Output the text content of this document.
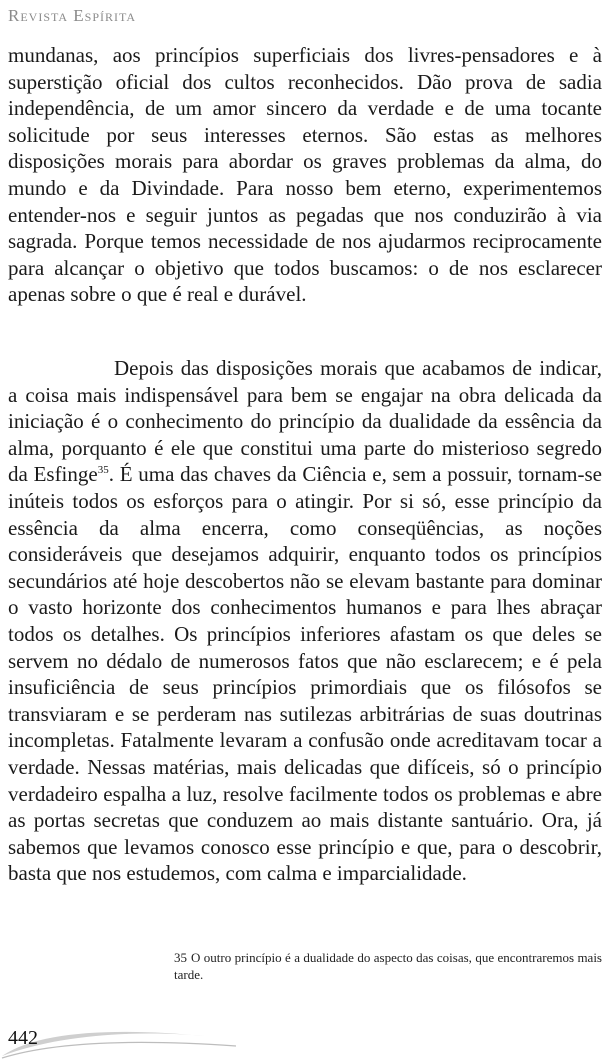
Revista Espírita
mundanas, aos princípios superficiais dos livres-pensadores e à superstição oficial dos cultos reconhecidos. Dão prova de sadia independência, de um amor sincero da verdade e de uma tocante solicitude por seus interesses eternos. São estas as melhores disposições morais para abordar os graves problemas da alma, do mundo e da Divindade. Para nosso bem eterno, experimentemos entender-nos e seguir juntos as pegadas que nos conduzirão à via sagrada. Porque temos necessidade de nos ajudarmos reciprocamente para alcançar o objetivo que todos buscamos: o de nos esclarecer apenas sobre o que é real e durável.
Depois das disposições morais que acabamos de indicar, a coisa mais indispensável para bem se engajar na obra delicada da iniciação é o conhecimento do princípio da dualidade da essência da alma, porquanto é ele que constitui uma parte do misterioso segredo da Esfinge$^{35}$. É uma das chaves da Ciência e, sem a possuir, tornam-se inúteis todos os esforços para o atingir. Por si só, esse princípio da essência da alma encerra, como conseqüências, as noções consideráveis que desejamos adquirir, enquanto todos os princípios secundários até hoje descobertos não se elevam bastante para dominar o vasto horizonte dos conhecimentos humanos e para lhes abraçar todos os detalhes. Os princípios inferiores afastam os que deles se servem no dédalo de numerosos fatos que não esclarecem; e é pela insuficiência de seus princípios primordiais que os filósofos se transviaram e se perderam nas sutilezas arbitrárias de suas doutrinas incompletas. Fatalmente levaram a confusão onde acreditavam tocar a verdade. Nessas matérias, mais delicadas que difíceis, só o princípio verdadeiro espalha a luz, resolve facilmente todos os problemas e abre as portas secretas que conduzem ao mais distante santuário. Ora, já sabemos que levamos conosco esse princípio e que, para o descobrir, basta que nos estudemos, com calma e imparcialidade.
35 O outro princípio é a dualidade do aspecto das coisas, que encontraremos mais tarde.
442
